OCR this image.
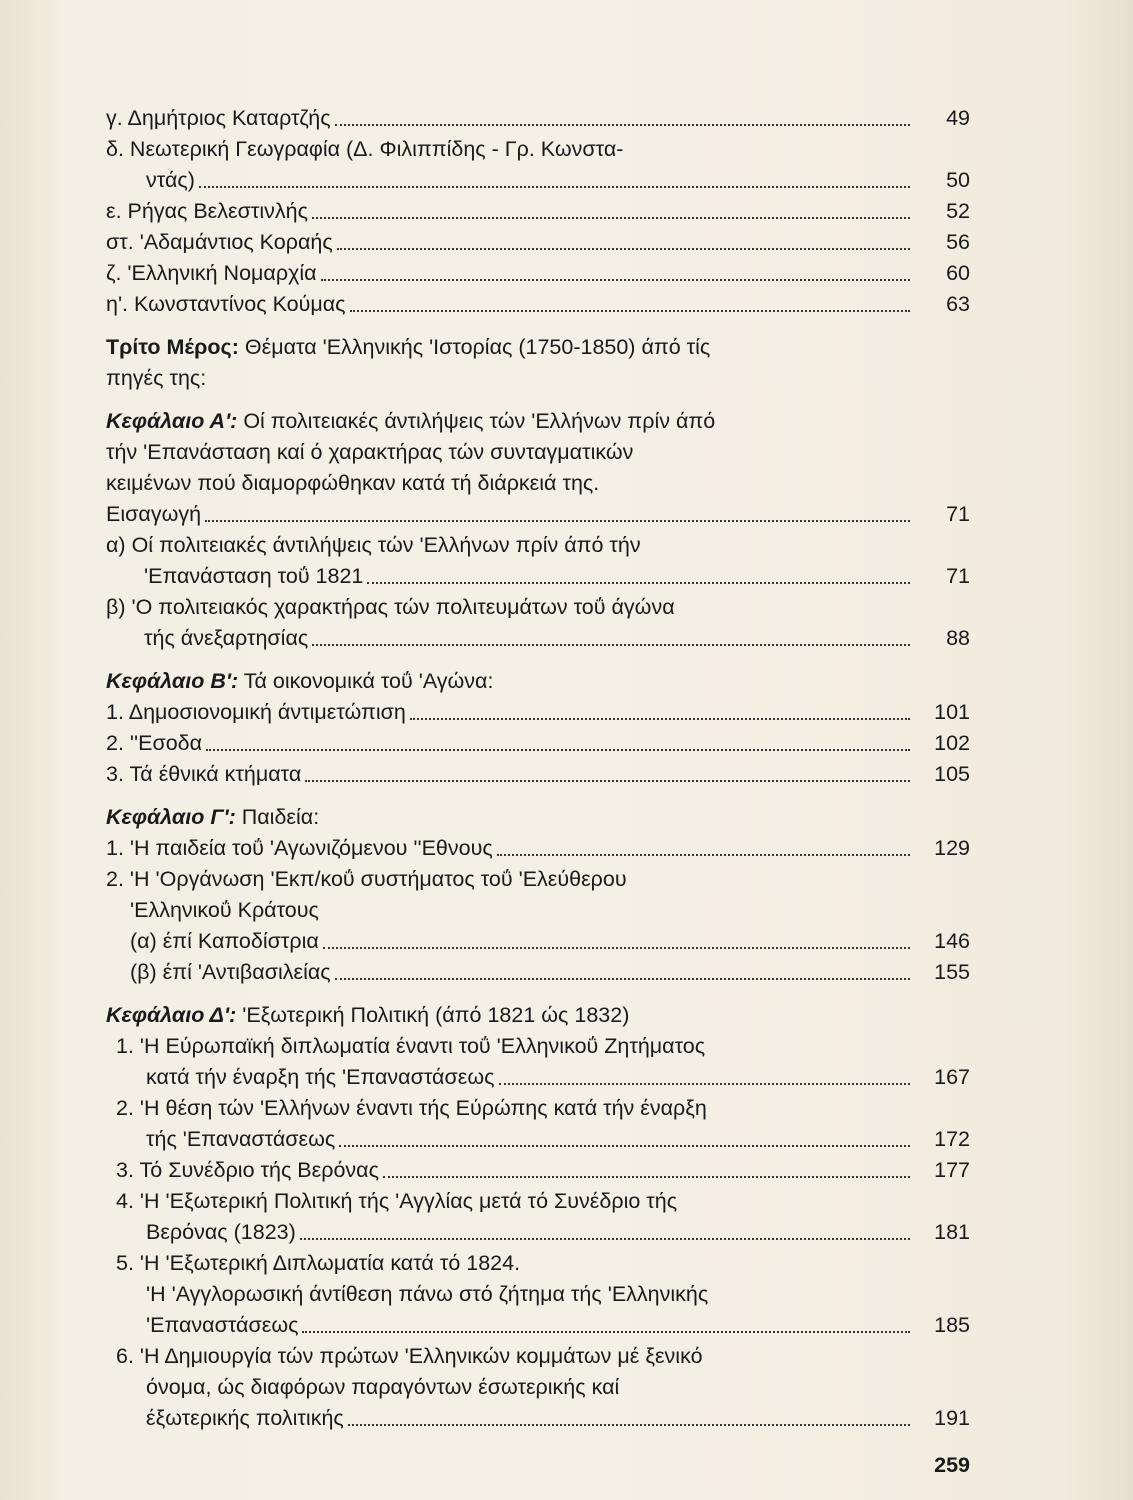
γ. Δημήτριος Καταρτζής	49
δ. Νεωτερική Γεωγραφία (Δ. Φιλιππίδης - Γρ. Κωνστα-
ντάς)	50
ε. Ρήγας Βελεστινλής	52
στ. 'Αδαμάντιος Κοραής	56
ζ. 'Ελληνική Νομαρχία	60
η'. Κωνσταντίνος Κούμας	63
Τρίτο Μέρος: Θέματα 'Ελληνικής 'Ιστορίας (1750-1850) άπό τίς
πηγές της:
Κεφάλαιο Α': Οί πολιτειακές άντιλήψεις τών 'Ελλήνων πρίν άπό
τήν 'Επανάσταση καί ό χαρακτήρας τών συνταγματικών
κειμένων πού διαμορφώθηκαν κατά τή διάρκειά της.
Εισαγωγή	71
α) Οί πολιτειακές άντιλήψεις τών 'Ελλήνων πρίν άπό τήν
'Επανάσταση τοΰ 1821	71
β) 'Ο πολιτειακός χαρακτήρας τών πολιτευμάτων τοΰ άγώνα
τής άνεξαρτησίας	88
Κεφάλαιο Β': Τά οικονομικά τοΰ 'Αγώνα:
1. Δημοσιονομική άντιμετώπιση	101
2. ''Εσοδα	102
3. Τά έθνικά κτήματα	105
Κεφάλαιο Γ': Παιδεία:
1. 'Η παιδεία τοΰ 'Αγωνιζόμενου ''Εθνους	129
2. 'Η 'Οργάνωση 'Εκπ/κοΰ συστήματος τοΰ 'Ελεύθερου
'Ελληνικοΰ Κράτους
(α) έπί Καποδίστρια	146
(β) έπί 'Αντιβασιλείας	155
Κεφάλαιο Δ': 'Εξωτερική Πολιτική (άπό 1821 ώς 1832)
1. 'Η Εύρωπαϊκή διπλωματία έναντι τοΰ 'Ελληνικοΰ Ζητήματος
κατά τήν έναρξη τής 'Επαναστάσεως	167
2. 'Η θέση τών 'Ελλήνων έναντι τής Εύρώπης κατά τήν έναρξη
τής 'Επαναστάσεως	172
3. Τό Συνέδριο τής Βερόνας	177
4. 'Η 'Εξωτερική Πολιτική τής 'Αγγλίας μετά τό Συνέδριο τής
Βερόνας (1823)	181
5. 'Η 'Εξωτερική Διπλωματία κατά τό 1824.
'Η 'Αγγλορωσική άντίθεση πάνω στό ζήτημα τής 'Ελληνικής
'Επαναστάσεως	185
6. 'Η Δημιουργία τών πρώτων 'Ελληνικών κομμάτων μέ ξενικό
όνομα, ώς διαφόρων παραγόντων έσωτερικής καί
έξωτερικής πολιτικής	191
259
